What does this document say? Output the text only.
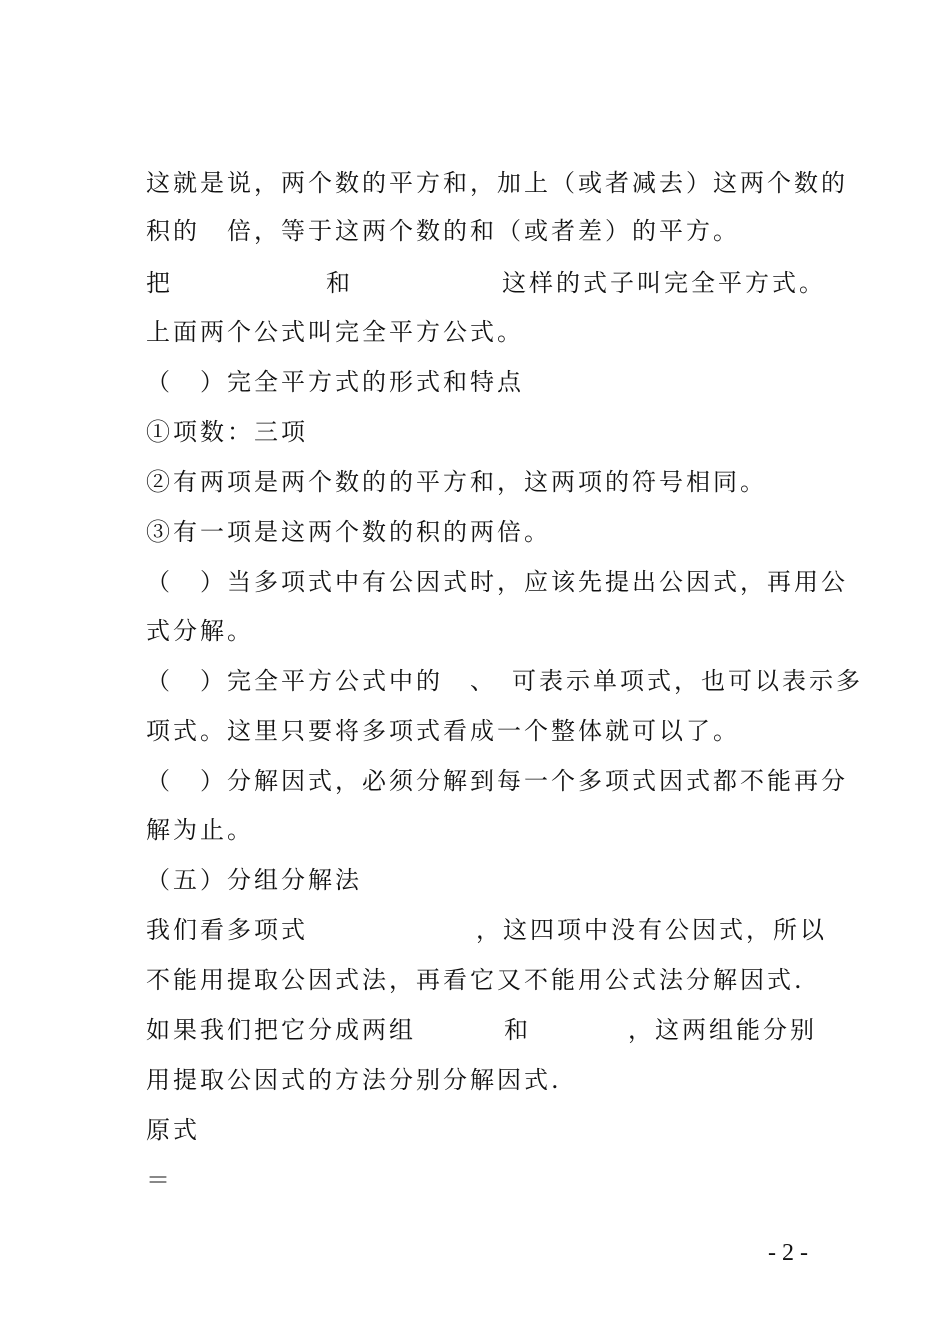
这就是说，两个数的平方和，加上（或者减去）这两个数的
积的　倍，等于这两个数的和（或者差）的平方。
把	和	这样的式子叫完全平方式。
上面两个公式叫完全平方公式。
（　）完全平方式的形式和特点
①项数：三项
②有两项是两个数的的平方和，这两项的符号相同。
③有一项是这两个数的积的两倍。
（　）当多项式中有公因式时，应该先提出公因式，再用公
式分解。
（　）完全平方公式中的　、　可表示单项式，也可以表示多
项式。这里只要将多项式看成一个整体就可以了。
（　）分解因式，必须分解到每一个多项式因式都不能再分
解为止。
（五）分组分解法
我们看多项式	，这四项中没有公因式，所以
不能用提取公因式法，再看它又不能用公式法分解因式.
如果我们把它分成两组	和	，这两组能分别
用提取公因式的方法分别分解因式.
原式
＝
- 2 -
